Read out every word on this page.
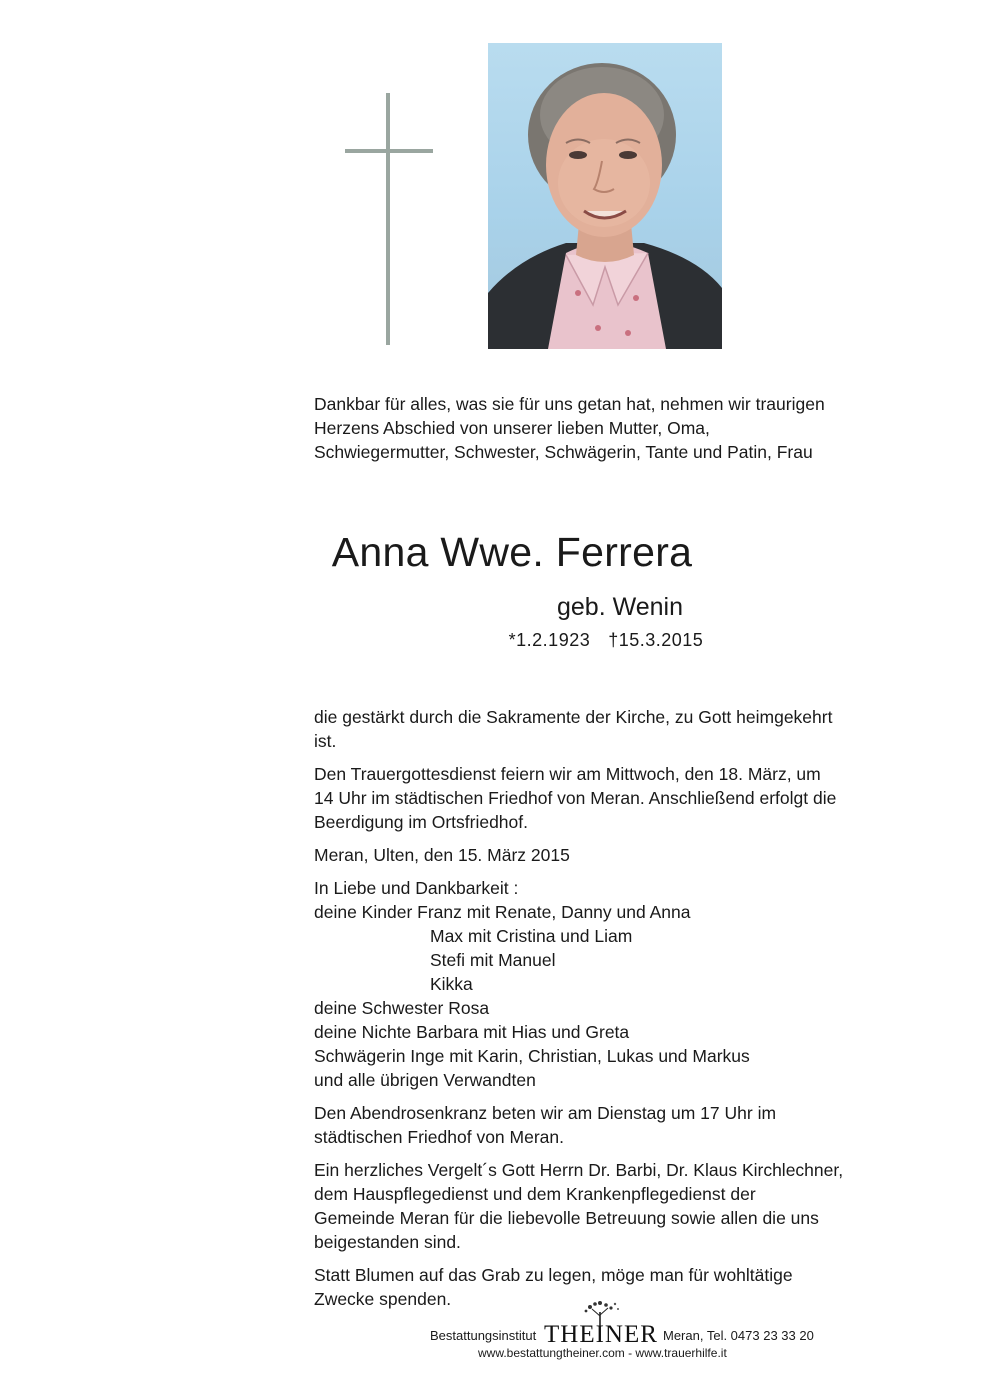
Dankbar für alles, was sie für uns getan hat, nehmen wir traurigen
Herzens Abschied von unserer lieben Mutter, Oma,
Schwiegermutter, Schwester, Schwägerin, Tante und Patin, Frau
Anna Wwe. Ferrera
geb. Wenin
*1.2.1923 †15.3.2015
die gestärkt durch die Sakramente der Kirche, zu Gott heimgekehrt
ist.
Den Trauergottesdienst feiern wir am Mittwoch, den 18. März, um
14 Uhr im städtischen Friedhof von Meran. Anschließend erfolgt die
Beerdigung im Ortsfriedhof.
Meran, Ulten, den 15. März 2015
In Liebe und Dankbarkeit :
deine Kinder Franz mit Renate, Danny und Anna
Max mit Cristina und Liam
Stefi mit Manuel
Kikka
deine Schwester Rosa
deine Nichte Barbara mit Hias und Greta
Schwägerin Inge mit Karin, Christian, Lukas und Markus
und alle übrigen Verwandten
Den Abendrosenkranz beten wir am Dienstag um 17 Uhr im
städtischen Friedhof von Meran.
Ein herzliches Vergelt´s Gott Herrn Dr. Barbi, Dr. Klaus Kirchlechner,
dem Hauspflegedienst und dem Krankenpflegedienst der
Gemeinde Meran für die liebevolle Betreuung sowie allen die uns
beigestanden sind.
Statt Blumen auf das Grab zu legen, möge man für wohltätige
Zwecke spenden.
Bestattungsinstitut	Meran, Tel. 0473 23 33 20
THEINER
www.bestattungtheiner.com - www.trauerhilfe.it
